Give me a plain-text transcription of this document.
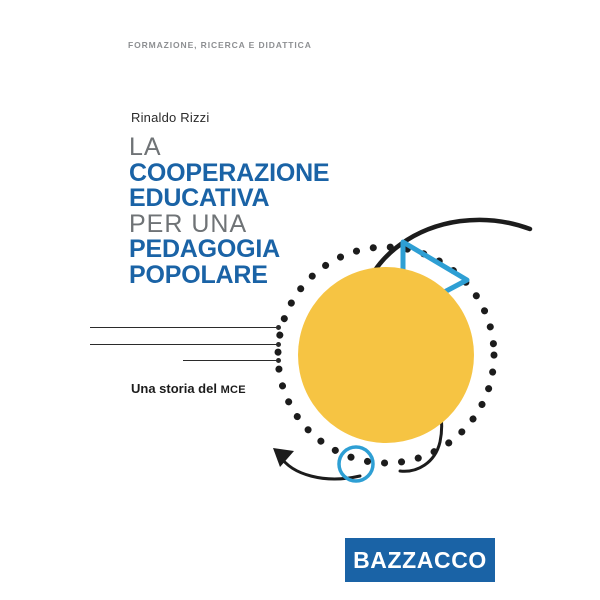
FORMAZIONE, RICERCA E DIDATTICA
Rinaldo Rizzi
LA
COOPERAZIONE
EDUCATIVA
PER UNA
PEDAGOGIA
POPOLARE
Una storia del MCE
BAZZACCO
